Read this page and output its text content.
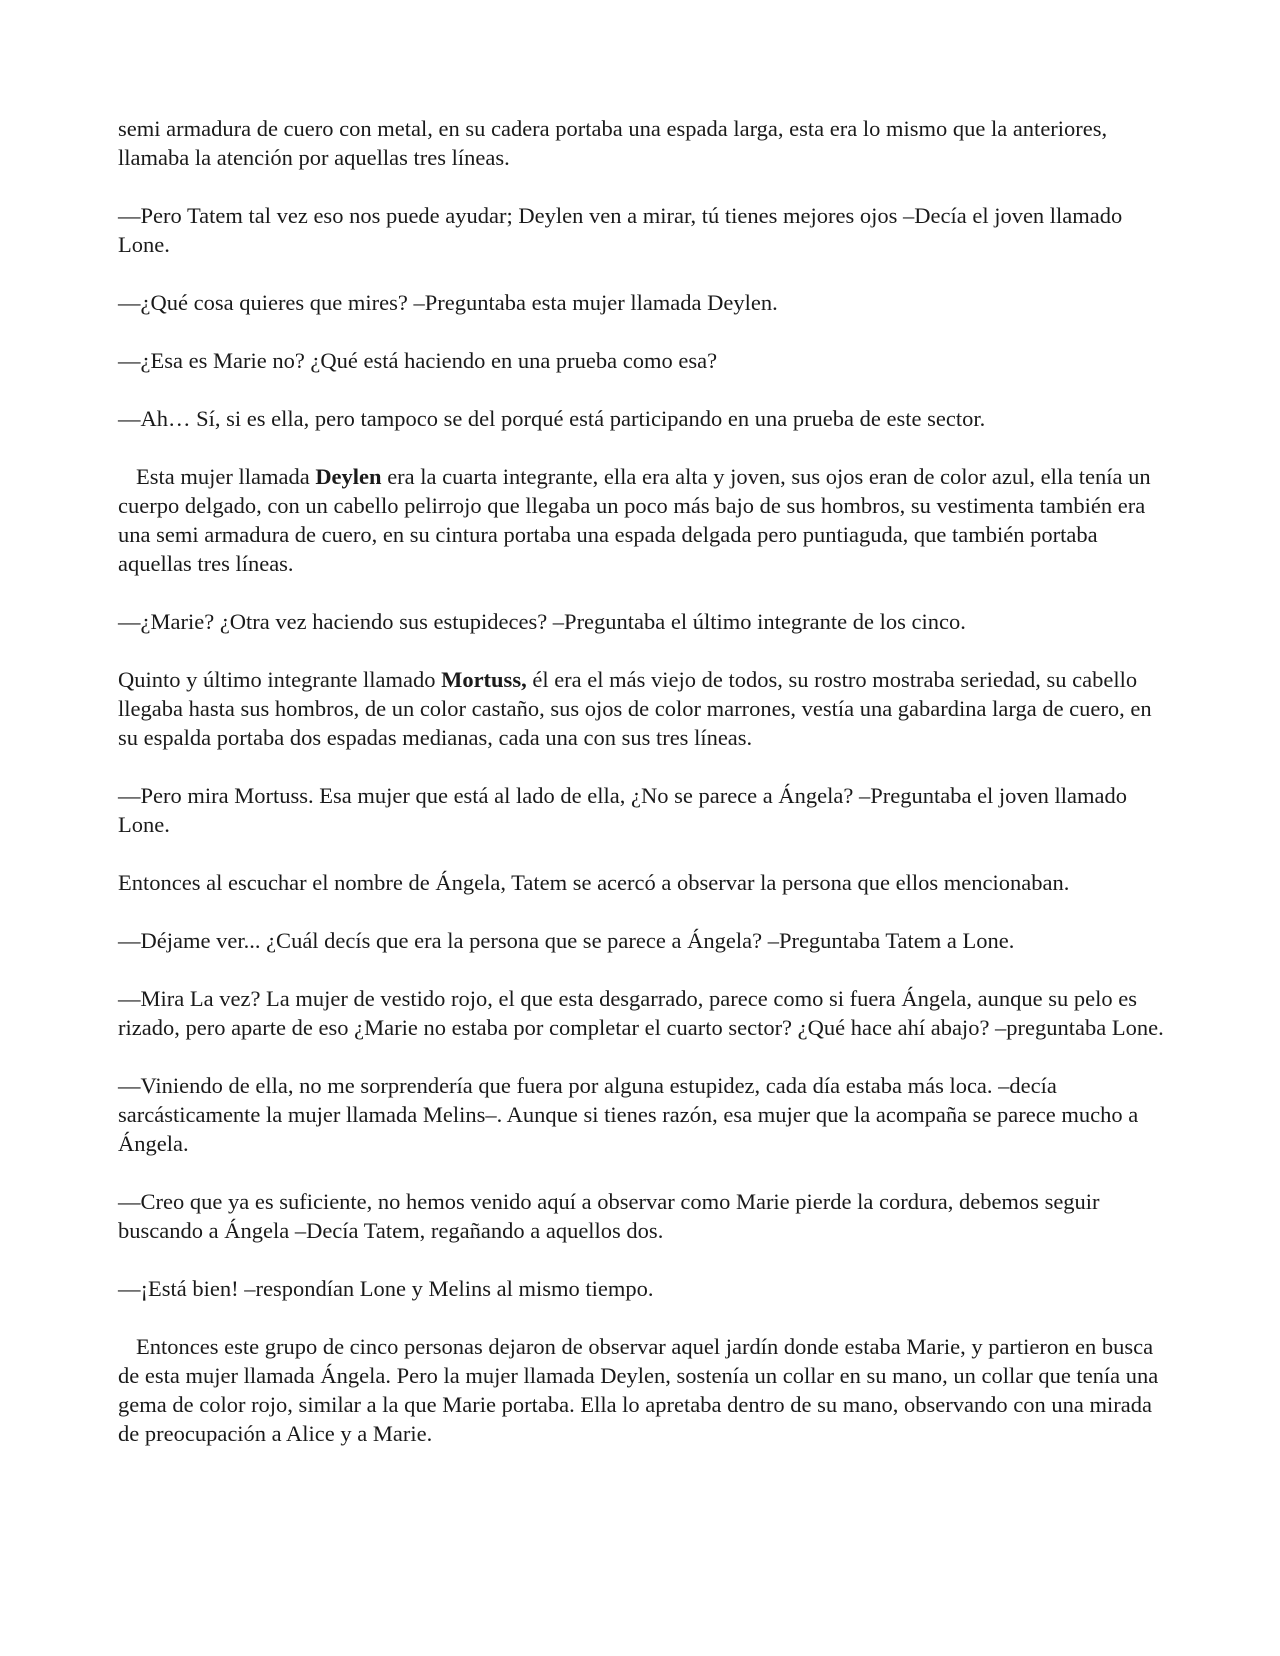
semi armadura de cuero con metal, en su cadera portaba una espada larga, esta era lo mismo que la anteriores, llamaba la atención por aquellas tres líneas.

—Pero Tatem tal vez eso nos puede ayudar; Deylen ven a mirar, tú tienes mejores ojos –Decía el joven llamado Lone.

—¿Qué cosa quieres que mires? –Preguntaba esta mujer llamada Deylen.

—¿Esa es Marie no? ¿Qué está haciendo en una prueba como esa?

—Ah… Sí, si es ella, pero tampoco se del porqué está participando en una prueba de este sector.

Esta mujer llamada Deylen era la cuarta integrante, ella era alta y joven, sus ojos eran de color azul, ella tenía un cuerpo delgado, con un cabello pelirrojo que llegaba un poco más bajo de sus hombros, su vestimenta también era una semi armadura de cuero, en su cintura portaba una espada delgada pero puntiaguda, que también portaba aquellas tres líneas.

—¿Marie? ¿Otra vez haciendo sus estupideces? –Preguntaba el último integrante de los cinco.

Quinto y último integrante llamado Mortuss, él era el más viejo de todos, su rostro mostraba seriedad, su cabello llegaba hasta sus hombros, de un color castaño, sus ojos de color marrones, vestía una gabardina larga de cuero, en su espalda portaba dos espadas medianas, cada una con sus tres líneas.

—Pero mira Mortuss. Esa mujer que está al lado de ella, ¿No se parece a Ángela? –Preguntaba el joven llamado Lone.

Entonces al escuchar el nombre de Ángela, Tatem se acercó a observar la persona que ellos mencionaban.

—Déjame ver... ¿Cuál decís que era la persona que se parece a Ángela? –Preguntaba Tatem a Lone.

—Mira La vez? La mujer de vestido rojo, el que esta desgarrado, parece como si fuera Ángela, aunque su pelo es rizado, pero aparte de eso ¿Marie no estaba por completar el cuarto sector? ¿Qué hace ahí abajo? –preguntaba Lone.

—Viniendo de ella, no me sorprendería que fuera por alguna estupidez, cada día estaba más loca. –decía sarcásticamente la mujer llamada Melins–. Aunque si tienes razón, esa mujer que la acompaña se parece mucho a Ángela.

—Creo que ya es suficiente, no hemos venido aquí a observar como Marie pierde la cordura, debemos seguir buscando a Ángela –Decía Tatem, regañando a aquellos dos.

—¡Está bien! –respondían Lone y Melins al mismo tiempo.

Entonces este grupo de cinco personas dejaron de observar aquel jardín donde estaba Marie, y partieron en busca de esta mujer llamada Ángela. Pero la mujer llamada Deylen, sostenía un collar en su mano, un collar que tenía una gema de color rojo, similar a la que Marie portaba. Ella lo apretaba dentro de su mano, observando con una mirada de preocupación a Alice y a Marie.
